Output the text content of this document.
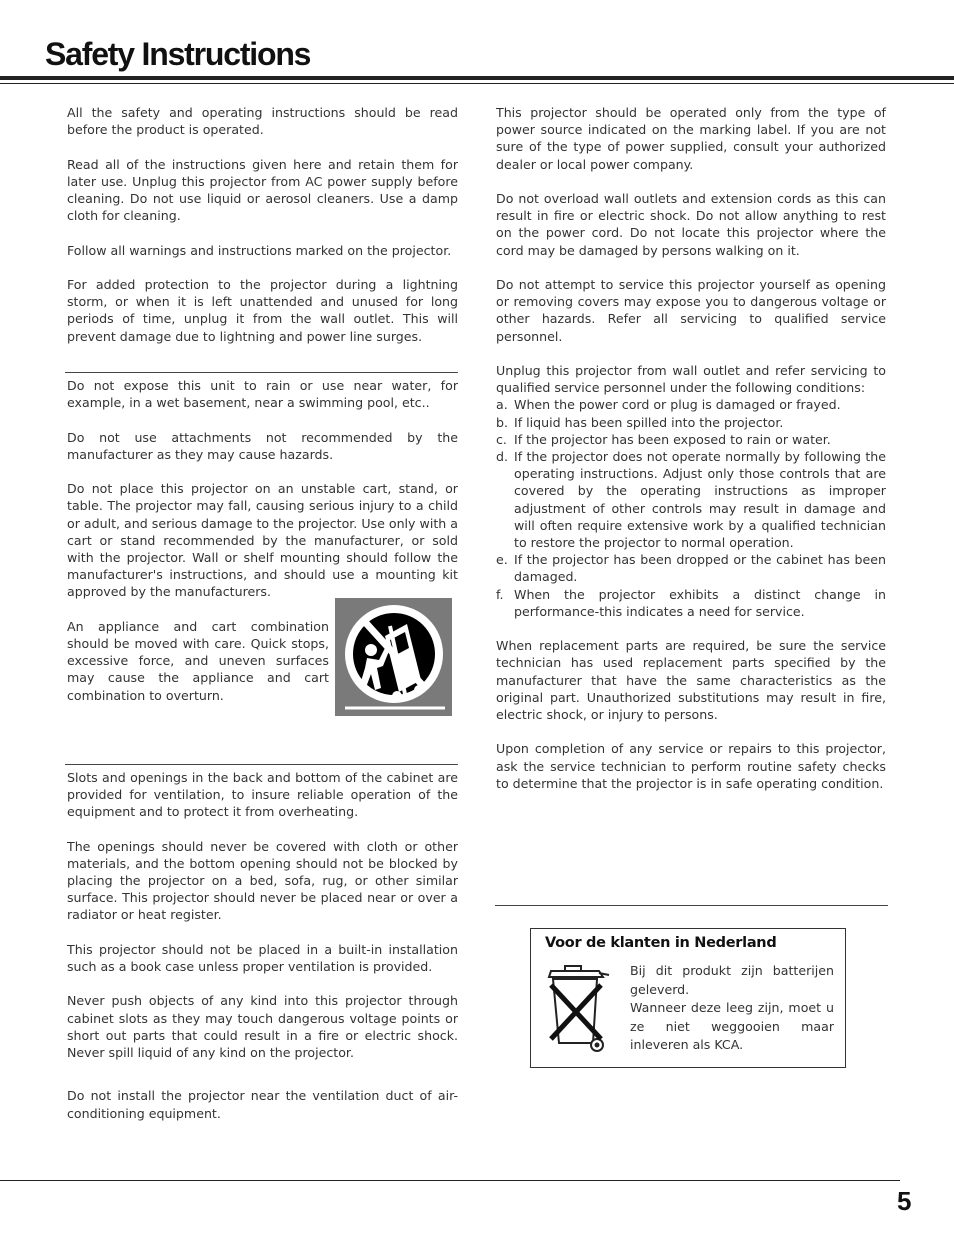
Safety Instructions

All the safety and operating instructions should be read before the product is operated.

Read all of the instructions given here and retain them for later use. Unplug this projector from AC power supply before cleaning. Do not use liquid or aerosol cleaners. Use a damp cloth for cleaning.

Follow all warnings and instructions marked on the projector.

For added protection to the projector during a lightning storm, or when it is left unattended and unused for long periods of time, unplug it from the wall outlet. This will prevent damage due to lightning and power line surges.

Do not expose this unit to rain or use near water, for example, in a wet basement, near a swimming pool, etc..

Do not use attachments not recommended by the manufacturer as they may cause hazards.

Do not place this projector on an unstable cart, stand, or table. The projector may fall, causing serious injury to a child or adult, and serious damage to the projector. Use only with a cart or stand recommended by the manufacturer, or sold with the projector. Wall or shelf mounting should follow the manufacturer's instructions, and should use a mounting kit approved by the manufacturers.

An appliance and cart combination should be moved with care. Quick stops, excessive force, and uneven surfaces may cause the appliance and cart combination to overturn.

Slots and openings in the back and bottom of the cabinet are provided for ventilation, to insure reliable operation of the equipment and to protect it from overheating.

The openings should never be covered with cloth or other materials, and the bottom opening should not be blocked by placing the projector on a bed, sofa, rug, or other similar surface. This projector should never be placed near or over a radiator or heat register.

This projector should not be placed in a built-in installation such as a book case unless proper ventilation is provided.

Never push objects of any kind into this projector through cabinet slots as they may touch dangerous voltage points or short out parts that could result in a fire or electric shock. Never spill liquid of any kind on the projector.

Do not install the projector near the ventilation duct of air-conditioning equipment.

This projector should be operated only from the type of power source indicated on the marking label. If you are not sure of the type of power supplied, consult your authorized dealer or local power company.

Do not overload wall outlets and extension cords as this can result in fire or electric shock. Do not allow anything to rest on the power cord. Do not locate this projector where the cord may be damaged by persons walking on it.

Do not attempt to service this projector yourself as opening or removing covers may expose you to dangerous voltage or other hazards. Refer all servicing to qualified service personnel.

Unplug this projector from wall outlet and refer servicing to qualified service personnel under the following conditions:

a. When the power cord or plug is damaged or frayed.
b. If liquid has been spilled into the projector.
c. If the projector has been exposed to rain or water.
d. If the projector does not operate normally by following the operating instructions. Adjust only those controls that are covered by the operating instructions as improper adjustment of other controls may result in damage and will often require extensive work by a qualified technician to restore the projector to normal operation.
e. If the projector has been dropped or the cabinet has been damaged.
f. When the projector exhibits a distinct change in performance-this indicates a need for service.

When replacement parts are required, be sure the service technician has used replacement parts specified by the manufacturer that have the same characteristics as the original part. Unauthorized substitutions may result in fire, electric shock, or injury to persons.

Upon completion of any service or repairs to this projector, ask the service technician to perform routine safety checks to determine that the projector is in safe operating condition.

Voor de klanten in Nederland
Bij dit produkt zijn batterijen geleverd.
Wanneer deze leeg zijn, moet u ze niet weggooien maar inleveren als KCA.
5
